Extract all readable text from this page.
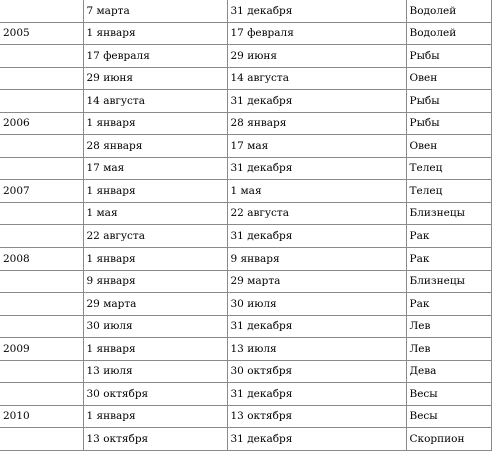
	7 марта	31 декабря	Водолей
2005	1 января	17 февраля	Водолей
	17 февраля	29 июня	Рыбы
	29 июня	14 августа	Овен
	14 августа	31 декабря	Рыбы
2006	1 января	28 января	Рыбы
	28 января	17 мая	Овен
	17 мая	31 декабря	Телец
2007	1 января	1 мая	Телец
	1 мая	22 августа	Близнецы
	22 августа	31 декабря	Рак
2008	1 января	9 января	Рак
	9 января	29 марта	Близнецы
	29 марта	30 июля	Рак
	30 июля	31 декабря	Лев
2009	1 января	13 июля	Лев
	13 июля	30 октября	Дева
	30 октября	31 декабря	Весы
2010	1 января	13 октября	Весы
	13 октября	31 декабря	Скорпион
